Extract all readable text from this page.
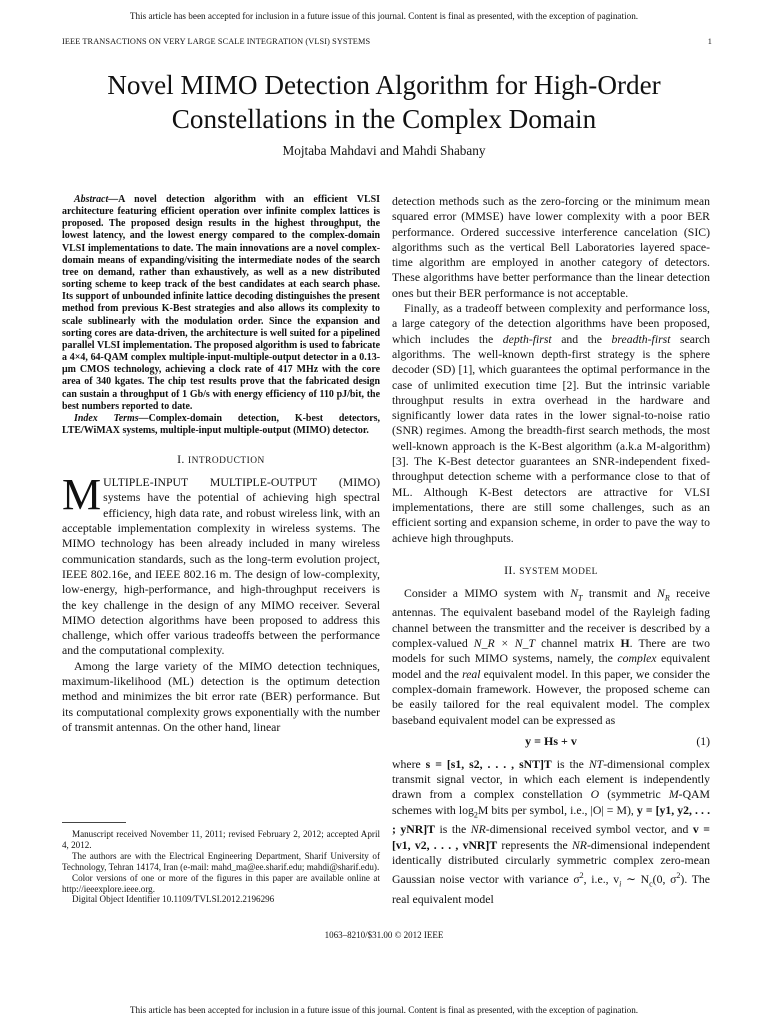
This article has been accepted for inclusion in a future issue of this journal. Content is final as presented, with the exception of pagination.
IEEE TRANSACTIONS ON VERY LARGE SCALE INTEGRATION (VLSI) SYSTEMS	1
Novel MIMO Detection Algorithm for High-Order Constellations in the Complex Domain
Mojtaba Mahdavi and Mahdi Shabany

Abstract—A novel detection algorithm with an efficient VLSI architecture featuring efficient operation over infinite complex lattices is proposed. The proposed design results in the highest throughput, the lowest latency, and the lowest energy compared to the complex-domain VLSI implementations to date. The main innovations are a novel complex-domain means of expanding/visiting the intermediate nodes of the search tree on demand, rather than exhaustively, as well as a new distributed sorting scheme to keep track of the best candidates at each search phase. Its support of unbounded infinite lattice decoding distinguishes the present method from previous K-Best strategies and also allows its complexity to scale sublinearly with the modulation order. Since the expansion and sorting cores are data-driven, the architecture is well suited for a pipelined parallel VLSI implementation. The proposed algorithm is used to fabricate a 4×4, 64-QAM complex multiple-input-multiple-output detector in a 0.13-μm CMOS technology, achieving a clock rate of 417 MHz with the core area of 340 kgates. The chip test results prove that the fabricated design can sustain a throughput of 1 Gb/s with energy efficiency of 110 pJ/bit, the best numbers reported to date.

Index Terms—Complex-domain detection, K-best detectors, LTE/WiMAX systems, multiple-input multiple-output (MIMO) detector.

I. INTRODUCTION

MULTIPLE-INPUT MULTIPLE-OUTPUT (MIMO) systems have the potential of achieving high spectral efficiency, high data rate, and robust wireless link, with an acceptable implementation complexity in wireless systems. The MIMO technology has been already included in many wireless communication standards, such as the long-term evolution project, IEEE 802.16e, and IEEE 802.16 m. The design of low-complexity, low-energy, high-performance, and high-throughput receivers is the key challenge in the design of any MIMO receiver. Several MIMO detection algorithms have been proposed to address this challenge, which offer various tradeoffs between the performance and the computational complexity.

Among the large variety of the MIMO detection techniques, maximum-likelihood (ML) detection is the optimum detection method and minimizes the bit error rate (BER) performance. But its computational complexity grows exponentially with the number of transmit antennas. On the other hand, linear

Manuscript received November 11, 2011; revised February 2, 2012; accepted April 4, 2012.
The authors are with the Electrical Engineering Department, Sharif University of Technology, Tehran 14174, Iran (e-mail: mahd_ma@ee.sharif.edu; mahdi@sharif.edu).
Color versions of one or more of the figures in this paper are available online at http://ieeexplore.ieee.org.
Digital Object Identifier 10.1109/TVLSI.2012.2196296

detection methods such as the zero-forcing or the minimum mean squared error (MMSE) have lower complexity with a poor BER performance. Ordered successive interference cancelation (SIC) algorithms such as the vertical Bell Laboratories layered space-time algorithm are employed in another category of detectors. These algorithms have better performance than the linear detection ones but their BER performance is not acceptable.

Finally, as a tradeoff between complexity and performance loss, a large category of the detection algorithms have been proposed, which includes the depth-first and the breadth-first search algorithms. The well-known depth-first strategy is the sphere decoder (SD) [1], which guarantees the optimal performance in the case of unlimited execution time [2]. But the intrinsic variable throughput results in extra overhead in the hardware and significantly lower data rates in the lower signal-to-noise ratio (SNR) regimes. Among the breadth-first search methods, the most well-known approach is the K-Best algorithm (a.k.a M-algorithm) [3]. The K-Best detector guarantees an SNR-independent fixed-throughput detection scheme with a performance close to that of ML. Although K-Best detectors are attractive for VLSI implementations, there are still some challenges, such as an efficient sorting and expansion scheme, in order to pave the way to achieve high throughputs.

II. SYSTEM MODEL

Consider a MIMO system with $N_T$ transmit and $N_R$ receive antennas. The equivalent baseband model of the Rayleigh fading channel between the transmitter and the receiver is described by a complex-valued N_R × N_T channel matrix H. There are two models for such MIMO systems, namely, the complex equivalent model and the real equivalent model. In this paper, we consider the complex-domain framework. However, the proposed scheme can be easily tailored for the real equivalent model. The complex baseband equivalent model can be expressed as

y = Hs + v	(1)

where s = [s1, s2, . . . , sNT]T is the NT-dimensional complex transmit signal vector, in which each element is independently drawn from a complex constellation O (symmetric M-QAM schemes with $\log_2M$ bits per symbol, i.e., |O| = M), y = [y1, y2, . . . ; yNR]T is the NR-dimensional received symbol vector, and v = [v1, v2, . . . , vNR]T represents the NR-dimensional independent identically distributed circularly symmetric complex zero-mean Gaussian noise vector with variance $\sigma^2$, i.e., $v_i$ ∼ $N_c(0$, $\sigma^2$). The real equivalent model

1063–8210/$31.00 © 2012 IEEE
This article has been accepted for inclusion in a future issue of this journal. Content is final as presented, with the exception of pagination.
